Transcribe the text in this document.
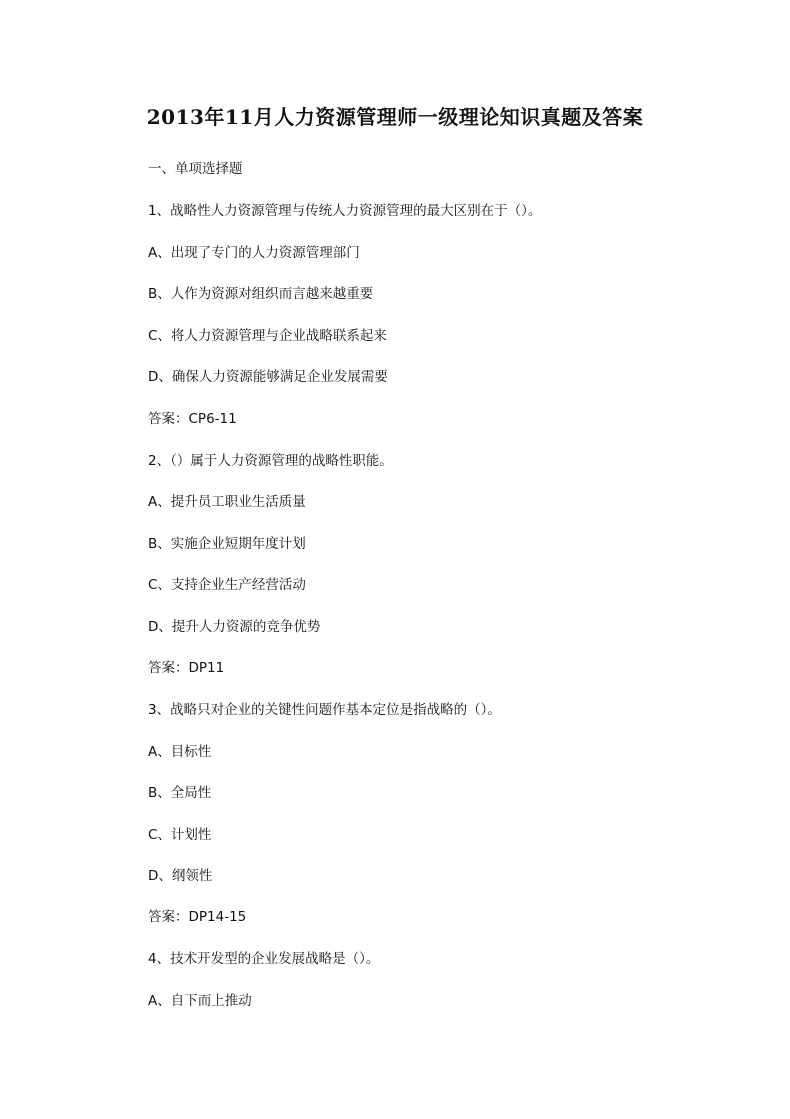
2013年11月人力资源管理师一级理论知识真题及答案
一、单项选择题
1、战略性人力资源管理与传统人力资源管理的最大区别在于（）。
A、出现了专门的人力资源管理部门
B、人作为资源对组织而言越来越重要
C、将人力资源管理与企业战略联系起来
D、确保人力资源能够满足企业发展需要
答案：CP6-11
2、（）属于人力资源管理的战略性职能。
A、提升员工职业生活质量
B、实施企业短期年度计划
C、支持企业生产经营活动
D、提升人力资源的竞争优势
答案：DP11
3、战略只对企业的关键性问题作基本定位是指战略的（）。
A、目标性
B、全局性
C、计划性
D、纲领性
答案：DP14-15
4、技术开发型的企业发展战略是（）。
A、自下而上推动
